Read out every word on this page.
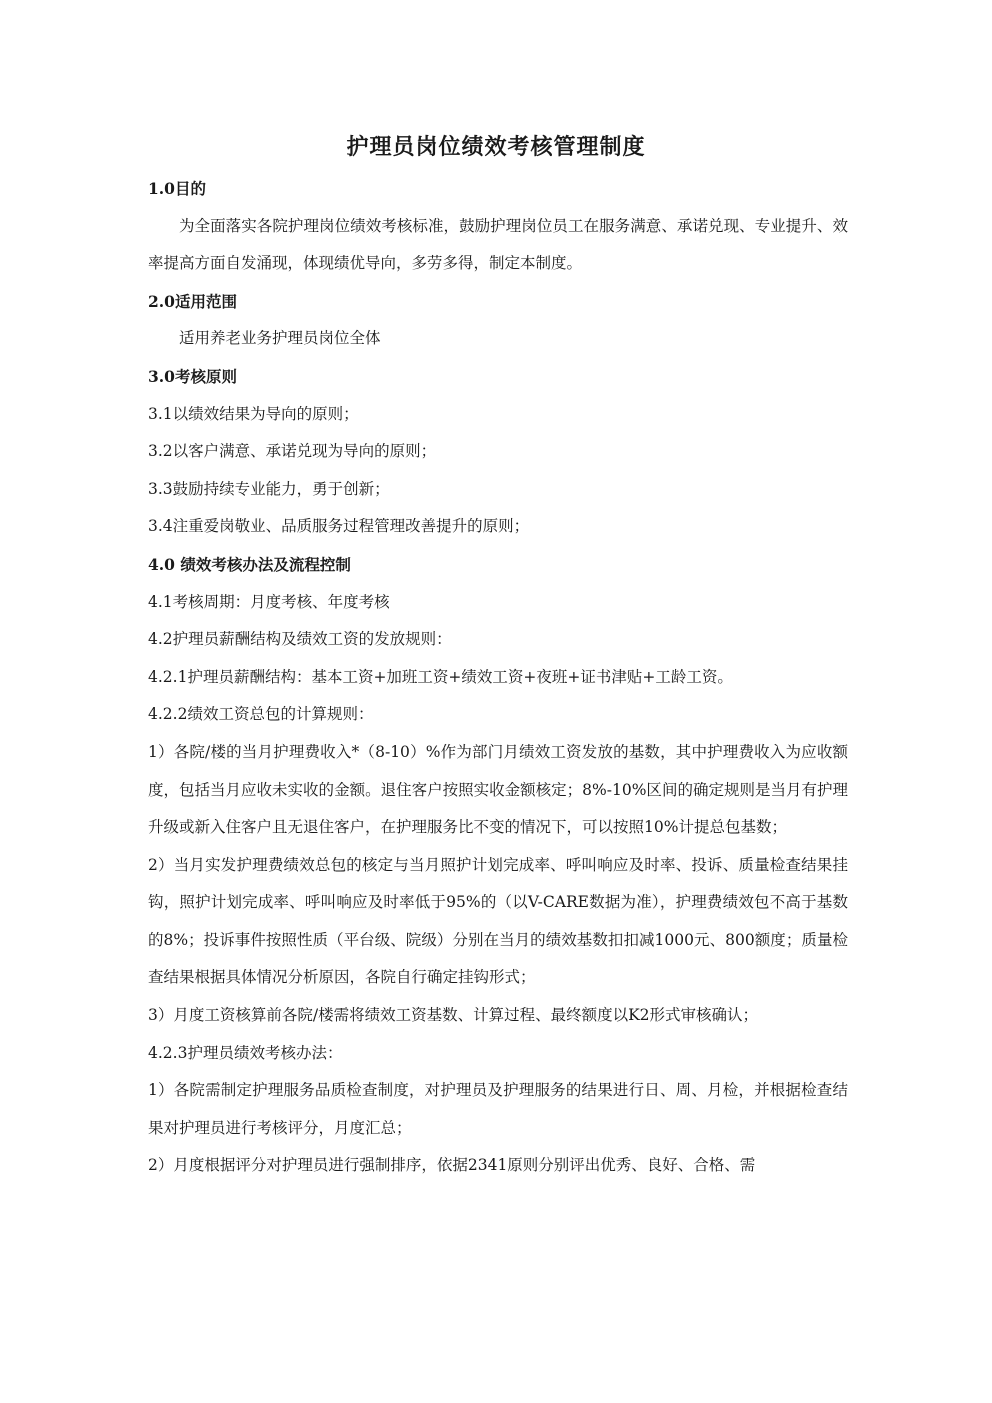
护理员岗位绩效考核管理制度

1.0目的

为全面落实各院护理岗位绩效考核标准，鼓励护理岗位员工在服务满意、承诺兑现、专业提升、效率提高方面自发涌现，体现绩优导向，多劳多得，制定本制度。

2.0适用范围

适用养老业务护理员岗位全体

3.0考核原则

3.1以绩效结果为导向的原则；

3.2以客户满意、承诺兑现为导向的原则；

3.3鼓励持续专业能力，勇于创新；

3.4注重爱岗敬业、品质服务过程管理改善提升的原则；

4.0 绩效考核办法及流程控制

4.1考核周期：月度考核、年度考核

4.2护理员薪酬结构及绩效工资的发放规则：

4.2.1护理员薪酬结构：基本工资+加班工资+绩效工资+夜班+证书津贴+工龄工资。

4.2.2绩效工资总包的计算规则：

1）各院/楼的当月护理费收入*（8-10）%作为部门月绩效工资发放的基数，其中护理费收入为应收额度，包括当月应收未实收的金额。退住客户按照实收金额核定；8%-10%区间的确定规则是当月有护理升级或新入住客户且无退住客户，在护理服务比不变的情况下，可以按照10%计提总包基数；

2）当月实发护理费绩效总包的核定与当月照护计划完成率、呼叫响应及时率、投诉、质量检查结果挂钩，照护计划完成率、呼叫响应及时率低于95%的（以V-CARE数据为准），护理费绩效包不高于基数的8%；投诉事件按照性质（平台级、院级）分别在当月的绩效基数扣扣减1000元、800额度；质量检查结果根据具体情况分析原因，各院自行确定挂钩形式；

3）月度工资核算前各院/楼需将绩效工资基数、计算过程、最终额度以K2形式审核确认；

4.2.3护理员绩效考核办法：

1）各院需制定护理服务品质检查制度，对护理员及护理服务的结果进行日、周、月检，并根据检查结果对护理员进行考核评分，月度汇总；

2）月度根据评分对护理员进行强制排序，依据2341原则分别评出优秀、良好、合格、需
